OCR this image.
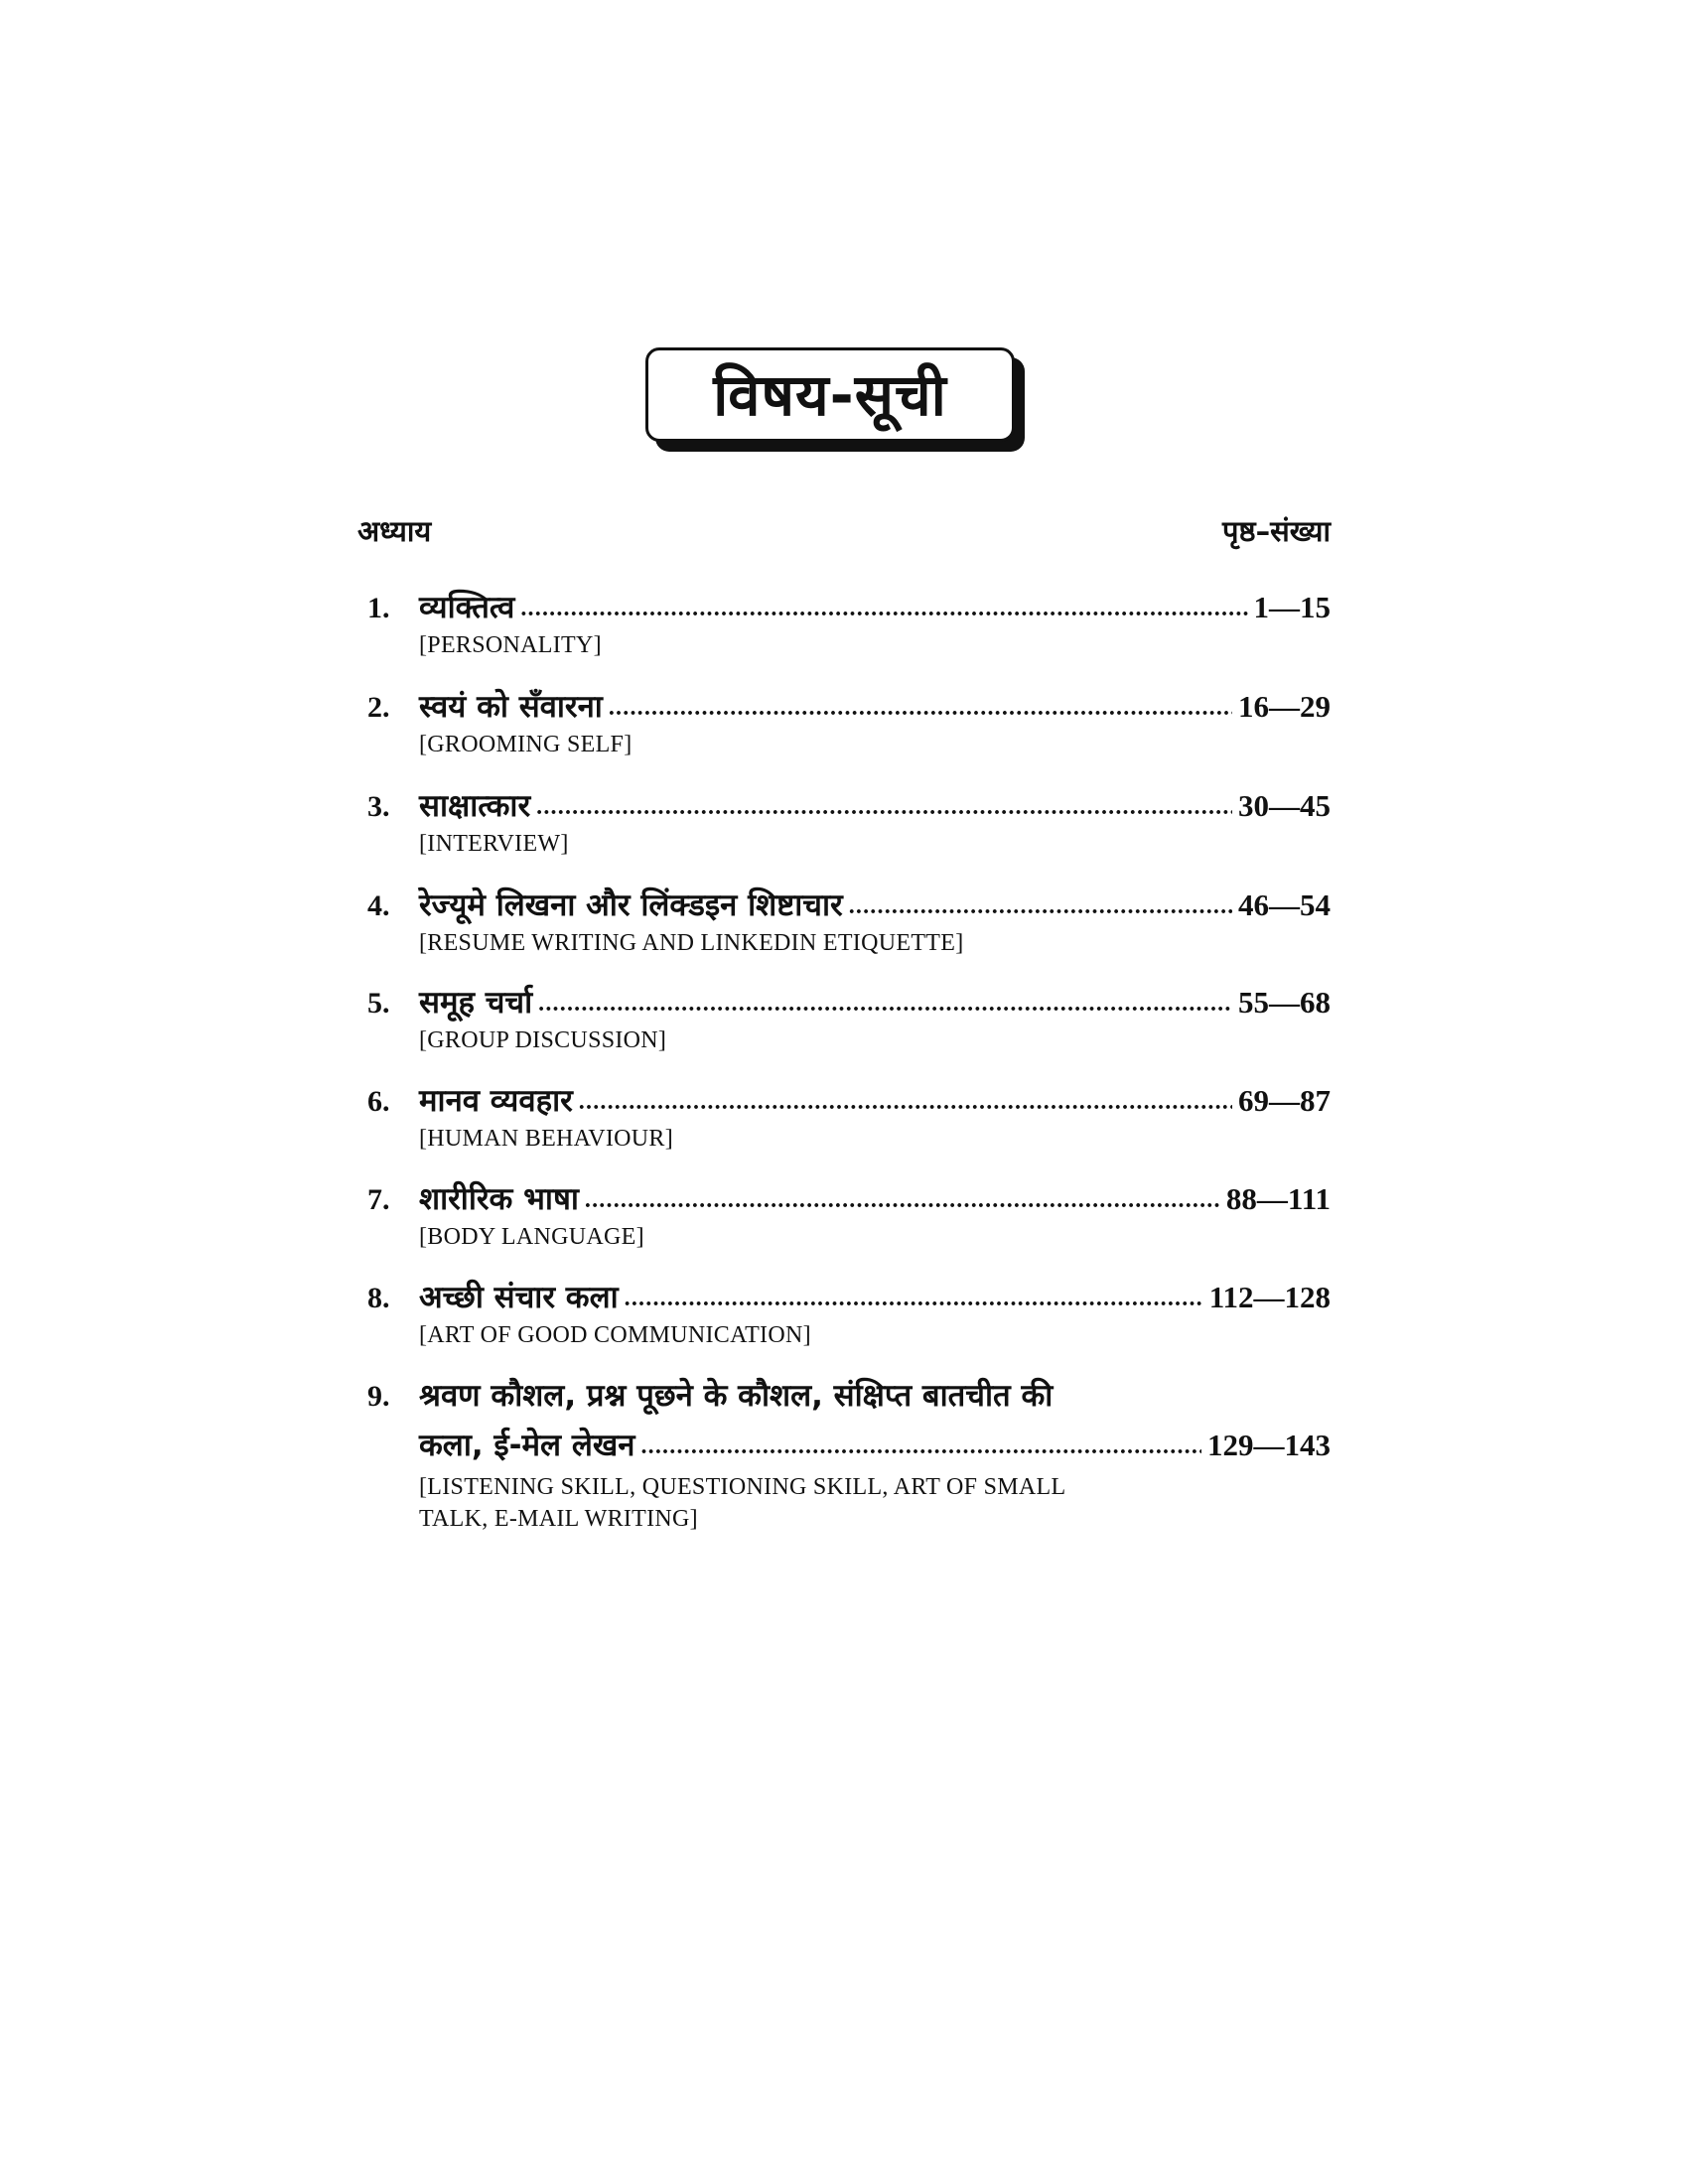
विषय-सूची
अध्याय	पृष्ठ–संख्या
1. व्यक्तित्व .....	1—15
[PERSONALITY]
2. स्वयं को सँवारना .....	16—29
[GROOMING SELF]
3. साक्षात्कार .....	30—45
[INTERVIEW]
4. रेज्यूमे लिखना और लिंक्डइन शिष्टाचार .....	46—54
[RESUME WRITING AND LINKEDIN ETIQUETTE]
5. समूह चर्चा .....	55—68
[GROUP DISCUSSION]
6. मानव व्यवहार .....	69—87
[HUMAN BEHAVIOUR]
7. शारीरिक भाषा .....	88—111
[BODY LANGUAGE]
8. अच्छी संचार कला .....	112—128
[ART OF GOOD COMMUNICATION]
9. श्रवण कौशल, प्रश्न पूछने के कौशल, संक्षिप्त बातचीत की
कला, ई-मेल लेखन .....	129—143
[LISTENING SKILL, QUESTIONING SKILL, ART OF SMALL
TALK, E-MAIL WRITING]
